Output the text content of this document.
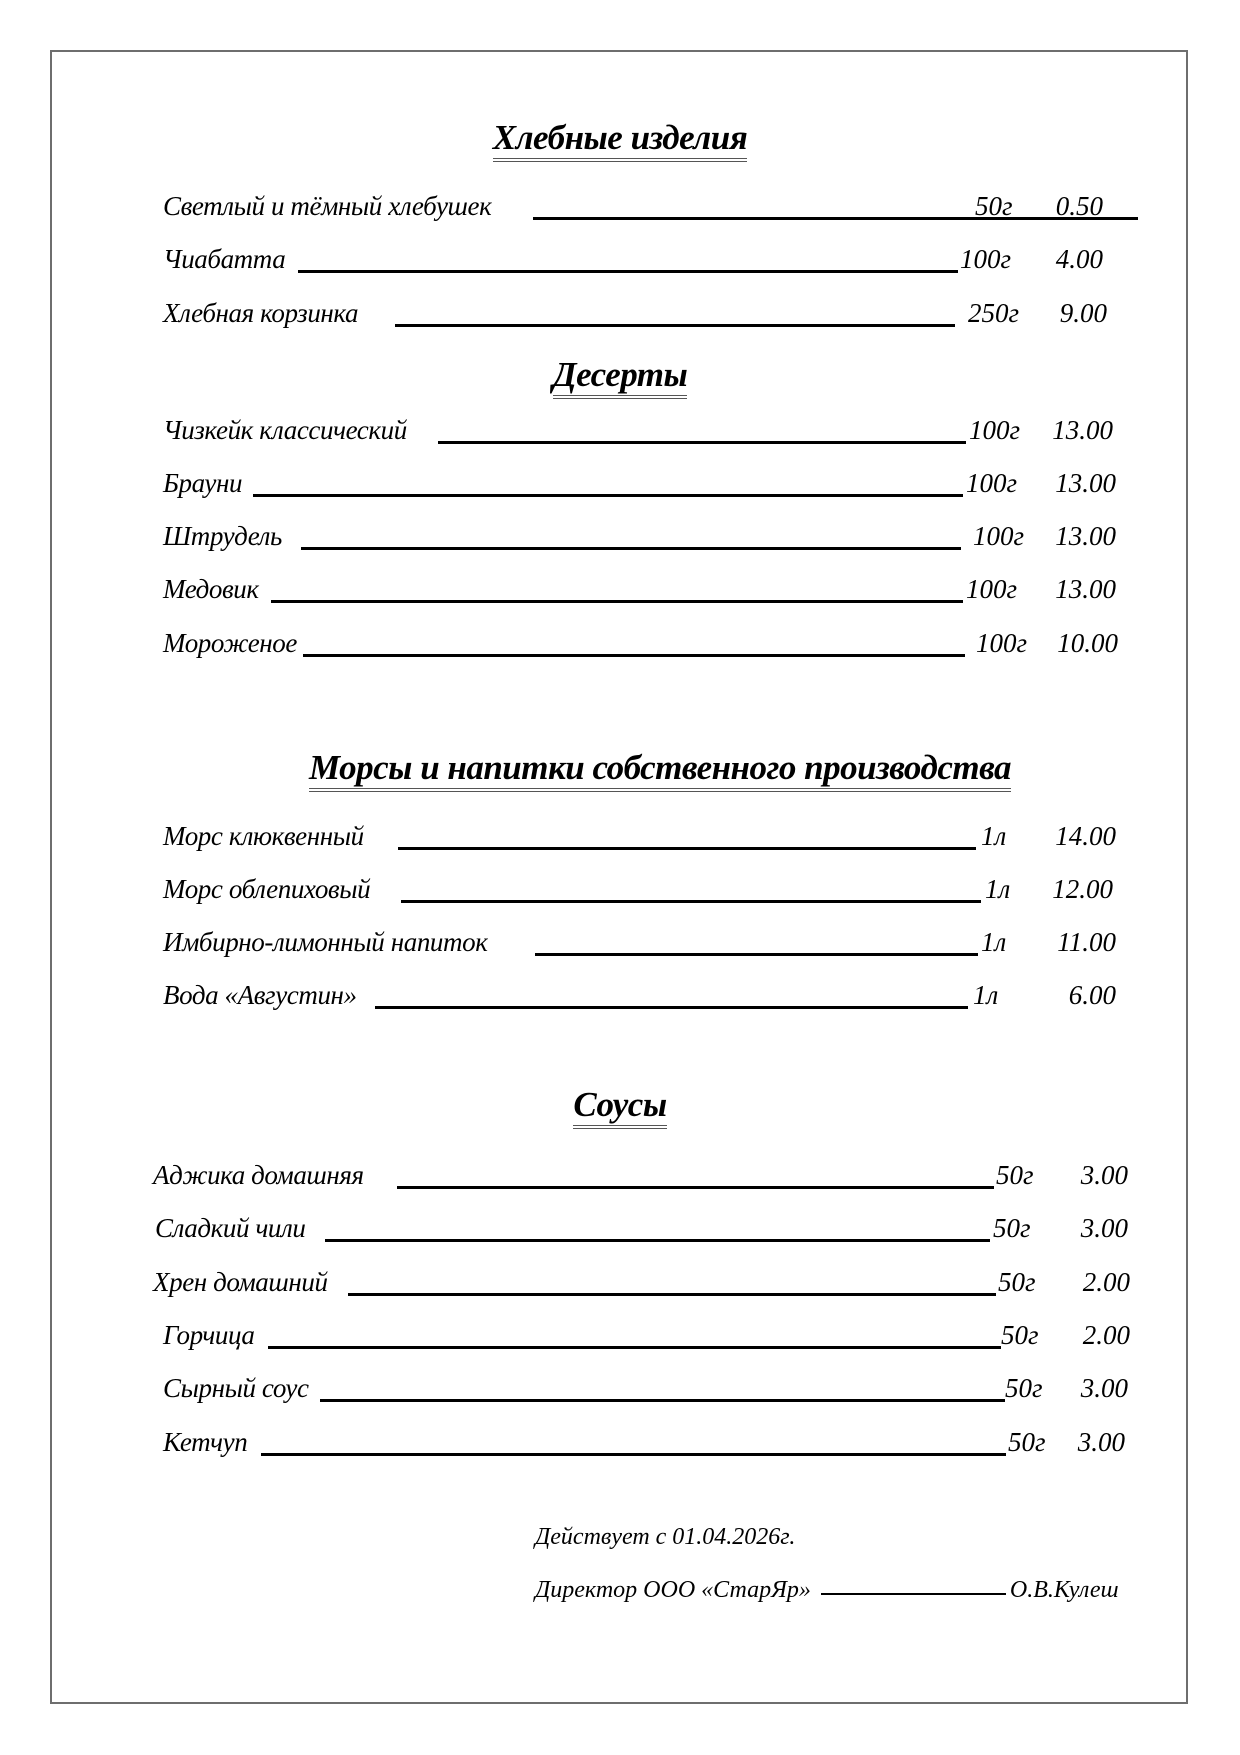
Хлебные изделия
Светлый и тёмный хлебушек	50г	0.50
Чиабатта	100г	4.00
Хлебная корзинка	250г	9.00
Десерты
Чизкейк классический	100г	13.00
Брауни	100г	13.00
Штрудель	100г	13.00
Медовик	100г	13.00
Мороженое	100г	10.00
Морсы и напитки собственного производства
Морс клюквенный	1л	14.00
Морс облепиховый	1л	12.00
Имбирно-лимонный напиток	1л	11.00
Вода «Августин»	1л	6.00
Соусы
Аджика домашняя	50г	3.00
Сладкий чили	50г	3.00
Хрен домашний	50г	2.00
Горчица	50г	2.00
Сырный соус	50г	3.00
Кетчуп	50г	3.00
Действует с 01.04.2026г.
Директор ООО «СтарЯр»	О.В.Кулеш
